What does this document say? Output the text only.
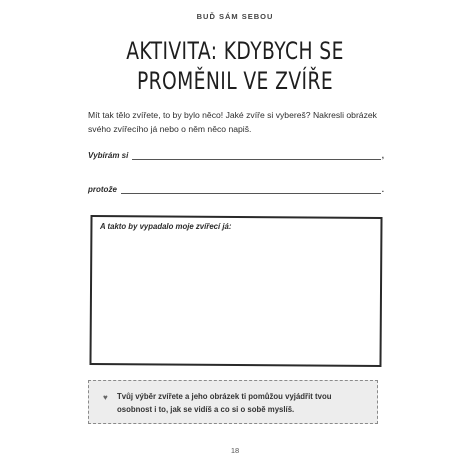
BUĎ SÁM SEBOU
AKTIVITA: KDYBYCH SE
PROMĚNIL VE ZVÍŘE
Mít tak tělo zvířete, to by bylo něco! Jaké zvíře si vybereš? Nakresli obrázek svého zvířecího já nebo o něm něco napiš.
Vybírám si	,
protože	.
A takto by vypadalo moje zvířecí já:
♥ Tvůj výběr zvířete a jeho obrázek ti pomůžou vyjádřit tvou osobnost i to, jak se vidíš a co si o sobě myslíš.
18
